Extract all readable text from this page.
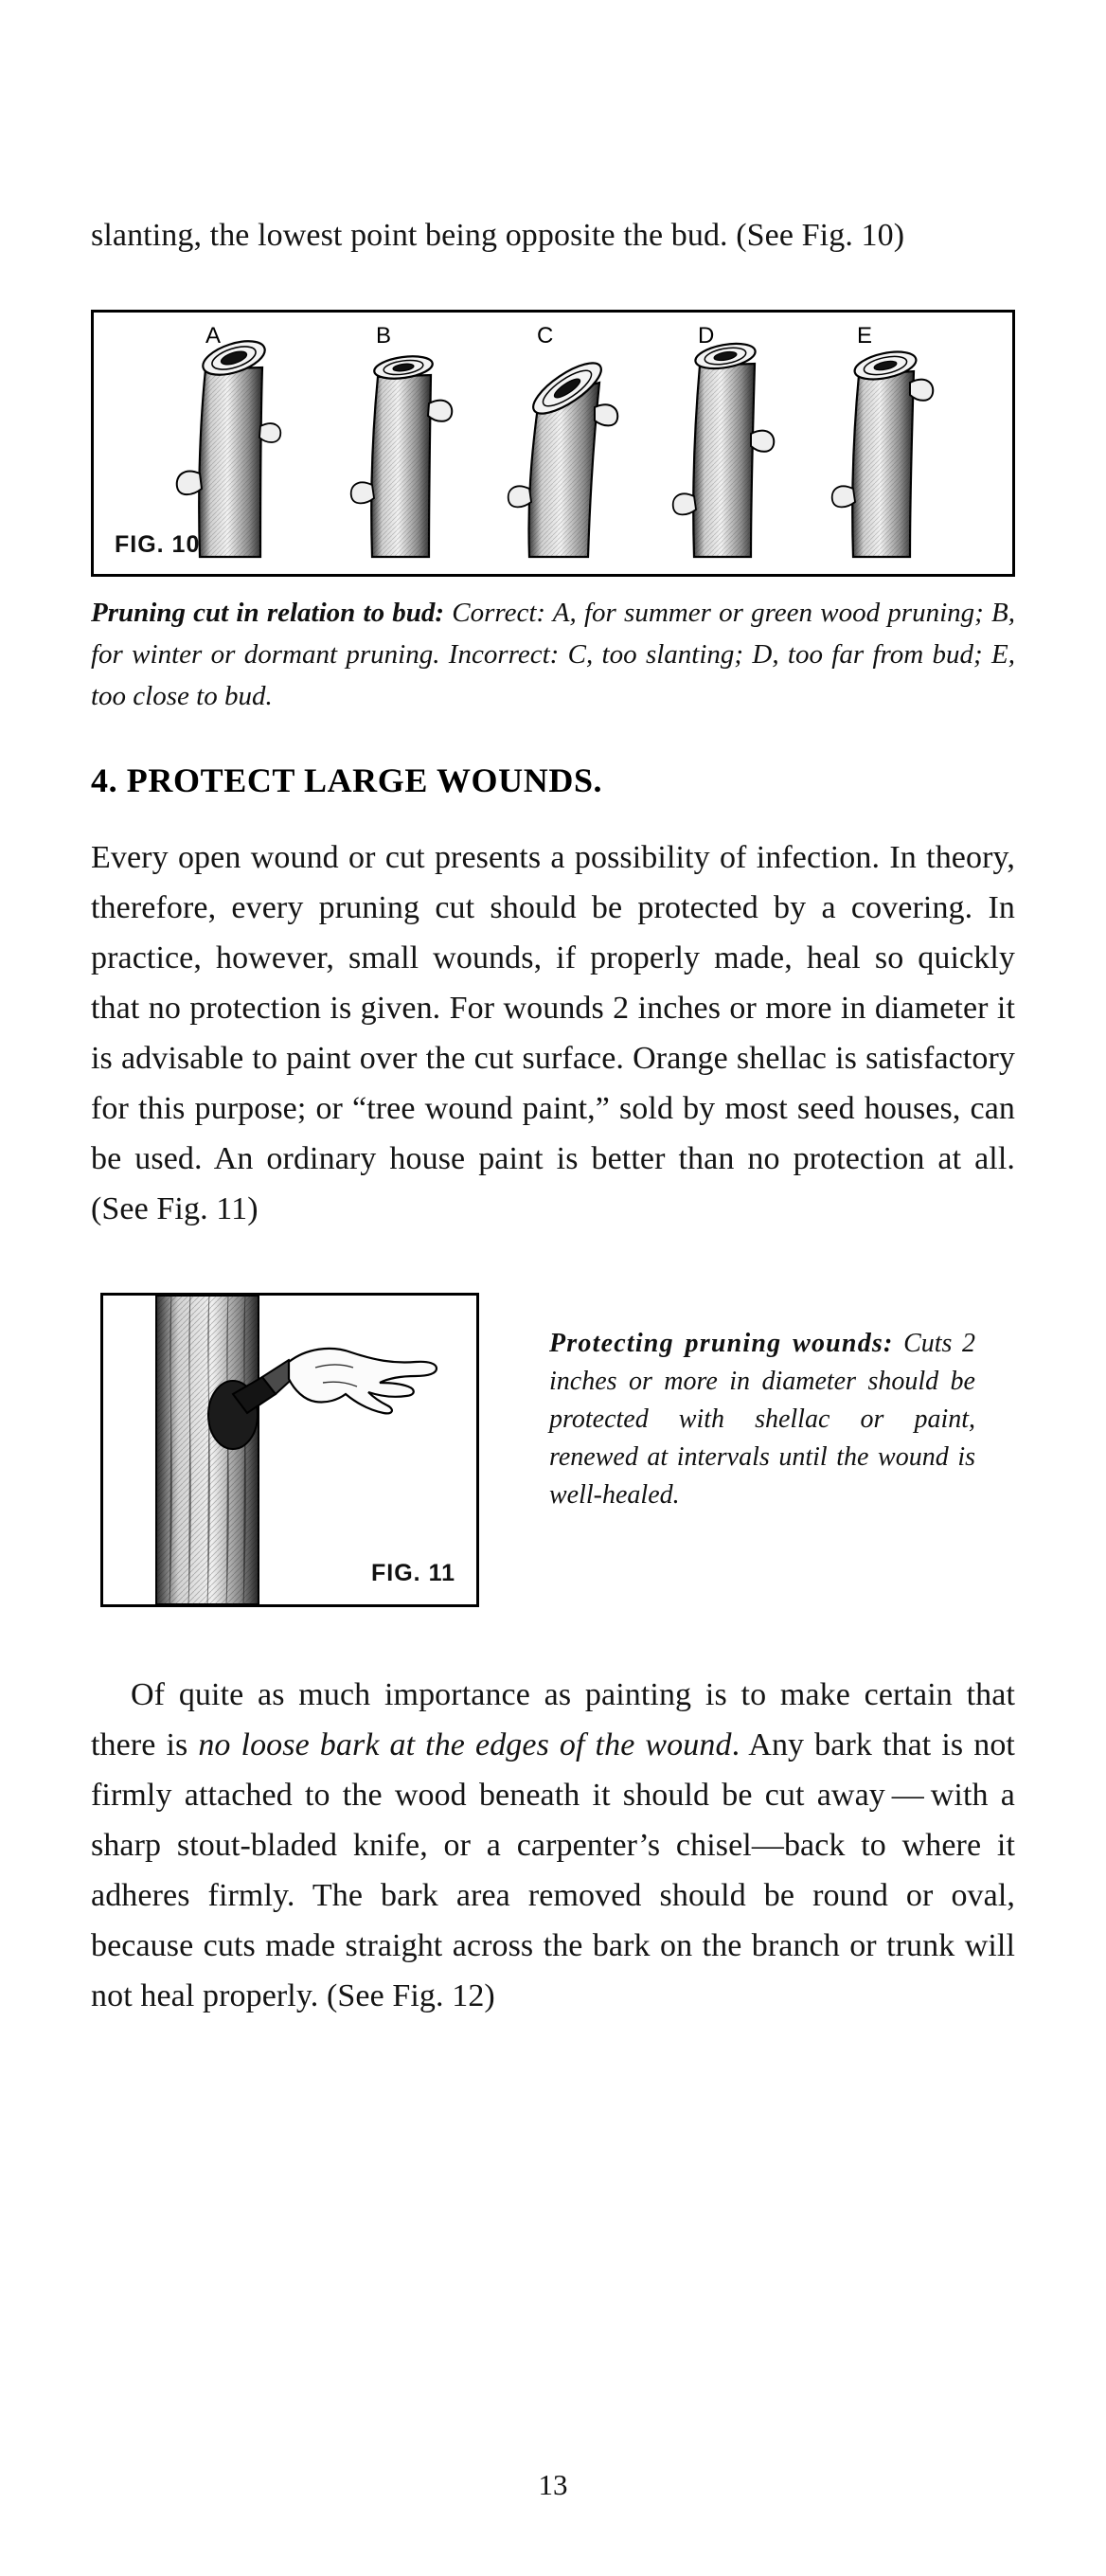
slanting, the lowest point being opposite the bud. (See Fig. 10)

A	B	C	D	E
FIG. 10

Pruning cut in relation to bud: Correct: A, for summer or green wood pruning; B, for winter or dormant pruning. Incorrect: C, too slanting; D, too far from bud; E, too close to bud.

4. PROTECT LARGE WOUNDS.

Every open wound or cut presents a possibility of infection. In theory, therefore, every pruning cut should be protected by a covering. In practice, however, small wounds, if properly made, heal so quickly that no protection is given. For wounds 2 inches or more in diameter it is advisable to paint over the cut surface. Orange shellac is satisfactory for this purpose; or “tree wound paint,” sold by most seed houses, can be used. An ordinary house paint is better than no protection at all. (See Fig. 11)

FIG. 11

Protecting pruning wounds: Cuts 2 inches or more in diameter should be protected with shellac or paint, renewed at intervals until the wound is well-healed.

Of quite as much importance as painting is to make certain that there is no loose bark at the edges of the wound. Any bark that is not firmly attached to the wood beneath it should be cut away — with a sharp stout-bladed knife, or a carpenter’s chisel—back to where it adheres firmly. The bark area removed should be round or oval, because cuts made straight across the bark on the branch or trunk will not heal properly. (See Fig. 12)

13
